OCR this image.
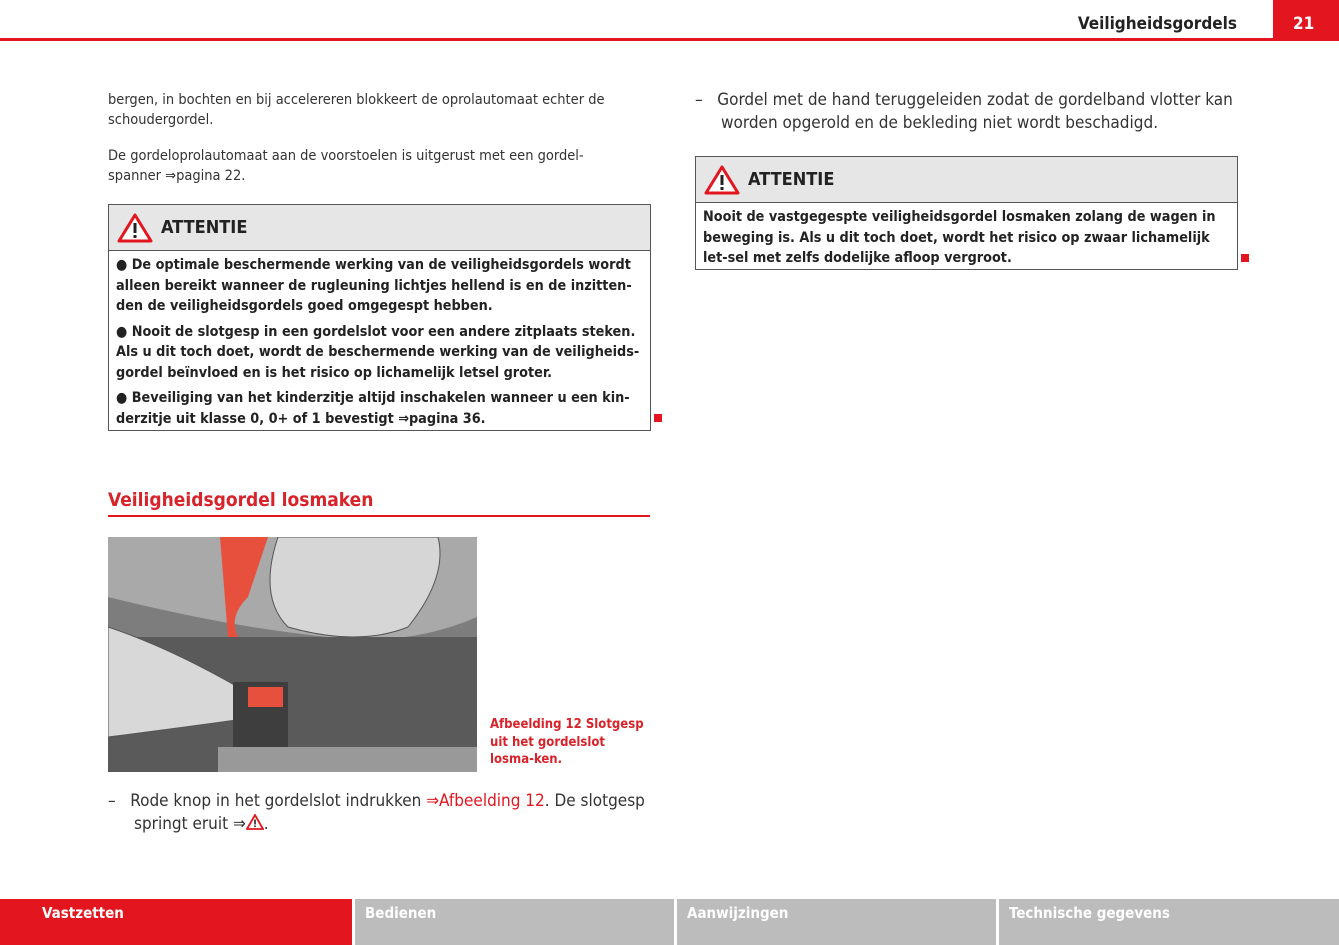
Veiligheidsgordels	21

bergen, in bochten en bij accelereren blokkeert de oprolautomaat echter de schoudergordel.

De gordeloprolautomaat aan de voorstoelen is uitgerust met een gordel-spanner ⇒pagina 22.

ATTENTIE

● De optimale beschermende werking van de veiligheidsgordels wordt alleen bereikt wanneer de rugleuning lichtjes hellend is en de inzitten-den de veiligheidsgordels goed omgegespt hebben.

● Nooit de slotgesp in een gordelslot voor een andere zitplaats steken. Als u dit toch doet, wordt de beschermende werking van de veiligheids-gordel beïnvloed en is het risico op lichamelijk letsel groter.

● Beveiliging van het kinderzitje altijd inschakelen wanneer u een kin-derzitje uit klasse 0, 0+ of 1 bevestigt ⇒pagina 36.

Veiligheidsgordel losmaken
Afbeelding 12 Slotgesp uit het gordelslot losma-ken.
– Rode knop in het gordelslot indrukken ⇒Afbeelding 12. De slotgesp springt eruit ⇒ .
– Gordel met de hand teruggeleiden zodat de gordelband vlotter kan worden opgerold en de bekleding niet wordt beschadigd.
ATTENTIE

Nooit de vastgegespte veiligheidsgordel losmaken zolang de wagen in beweging is. Als u dit toch doet, wordt het risico op zwaar lichamelijk let-sel met zelfs dodelijke afloop vergroot.

Vastzetten	Bedienen	Aanwijzingen	Technische gegevens
